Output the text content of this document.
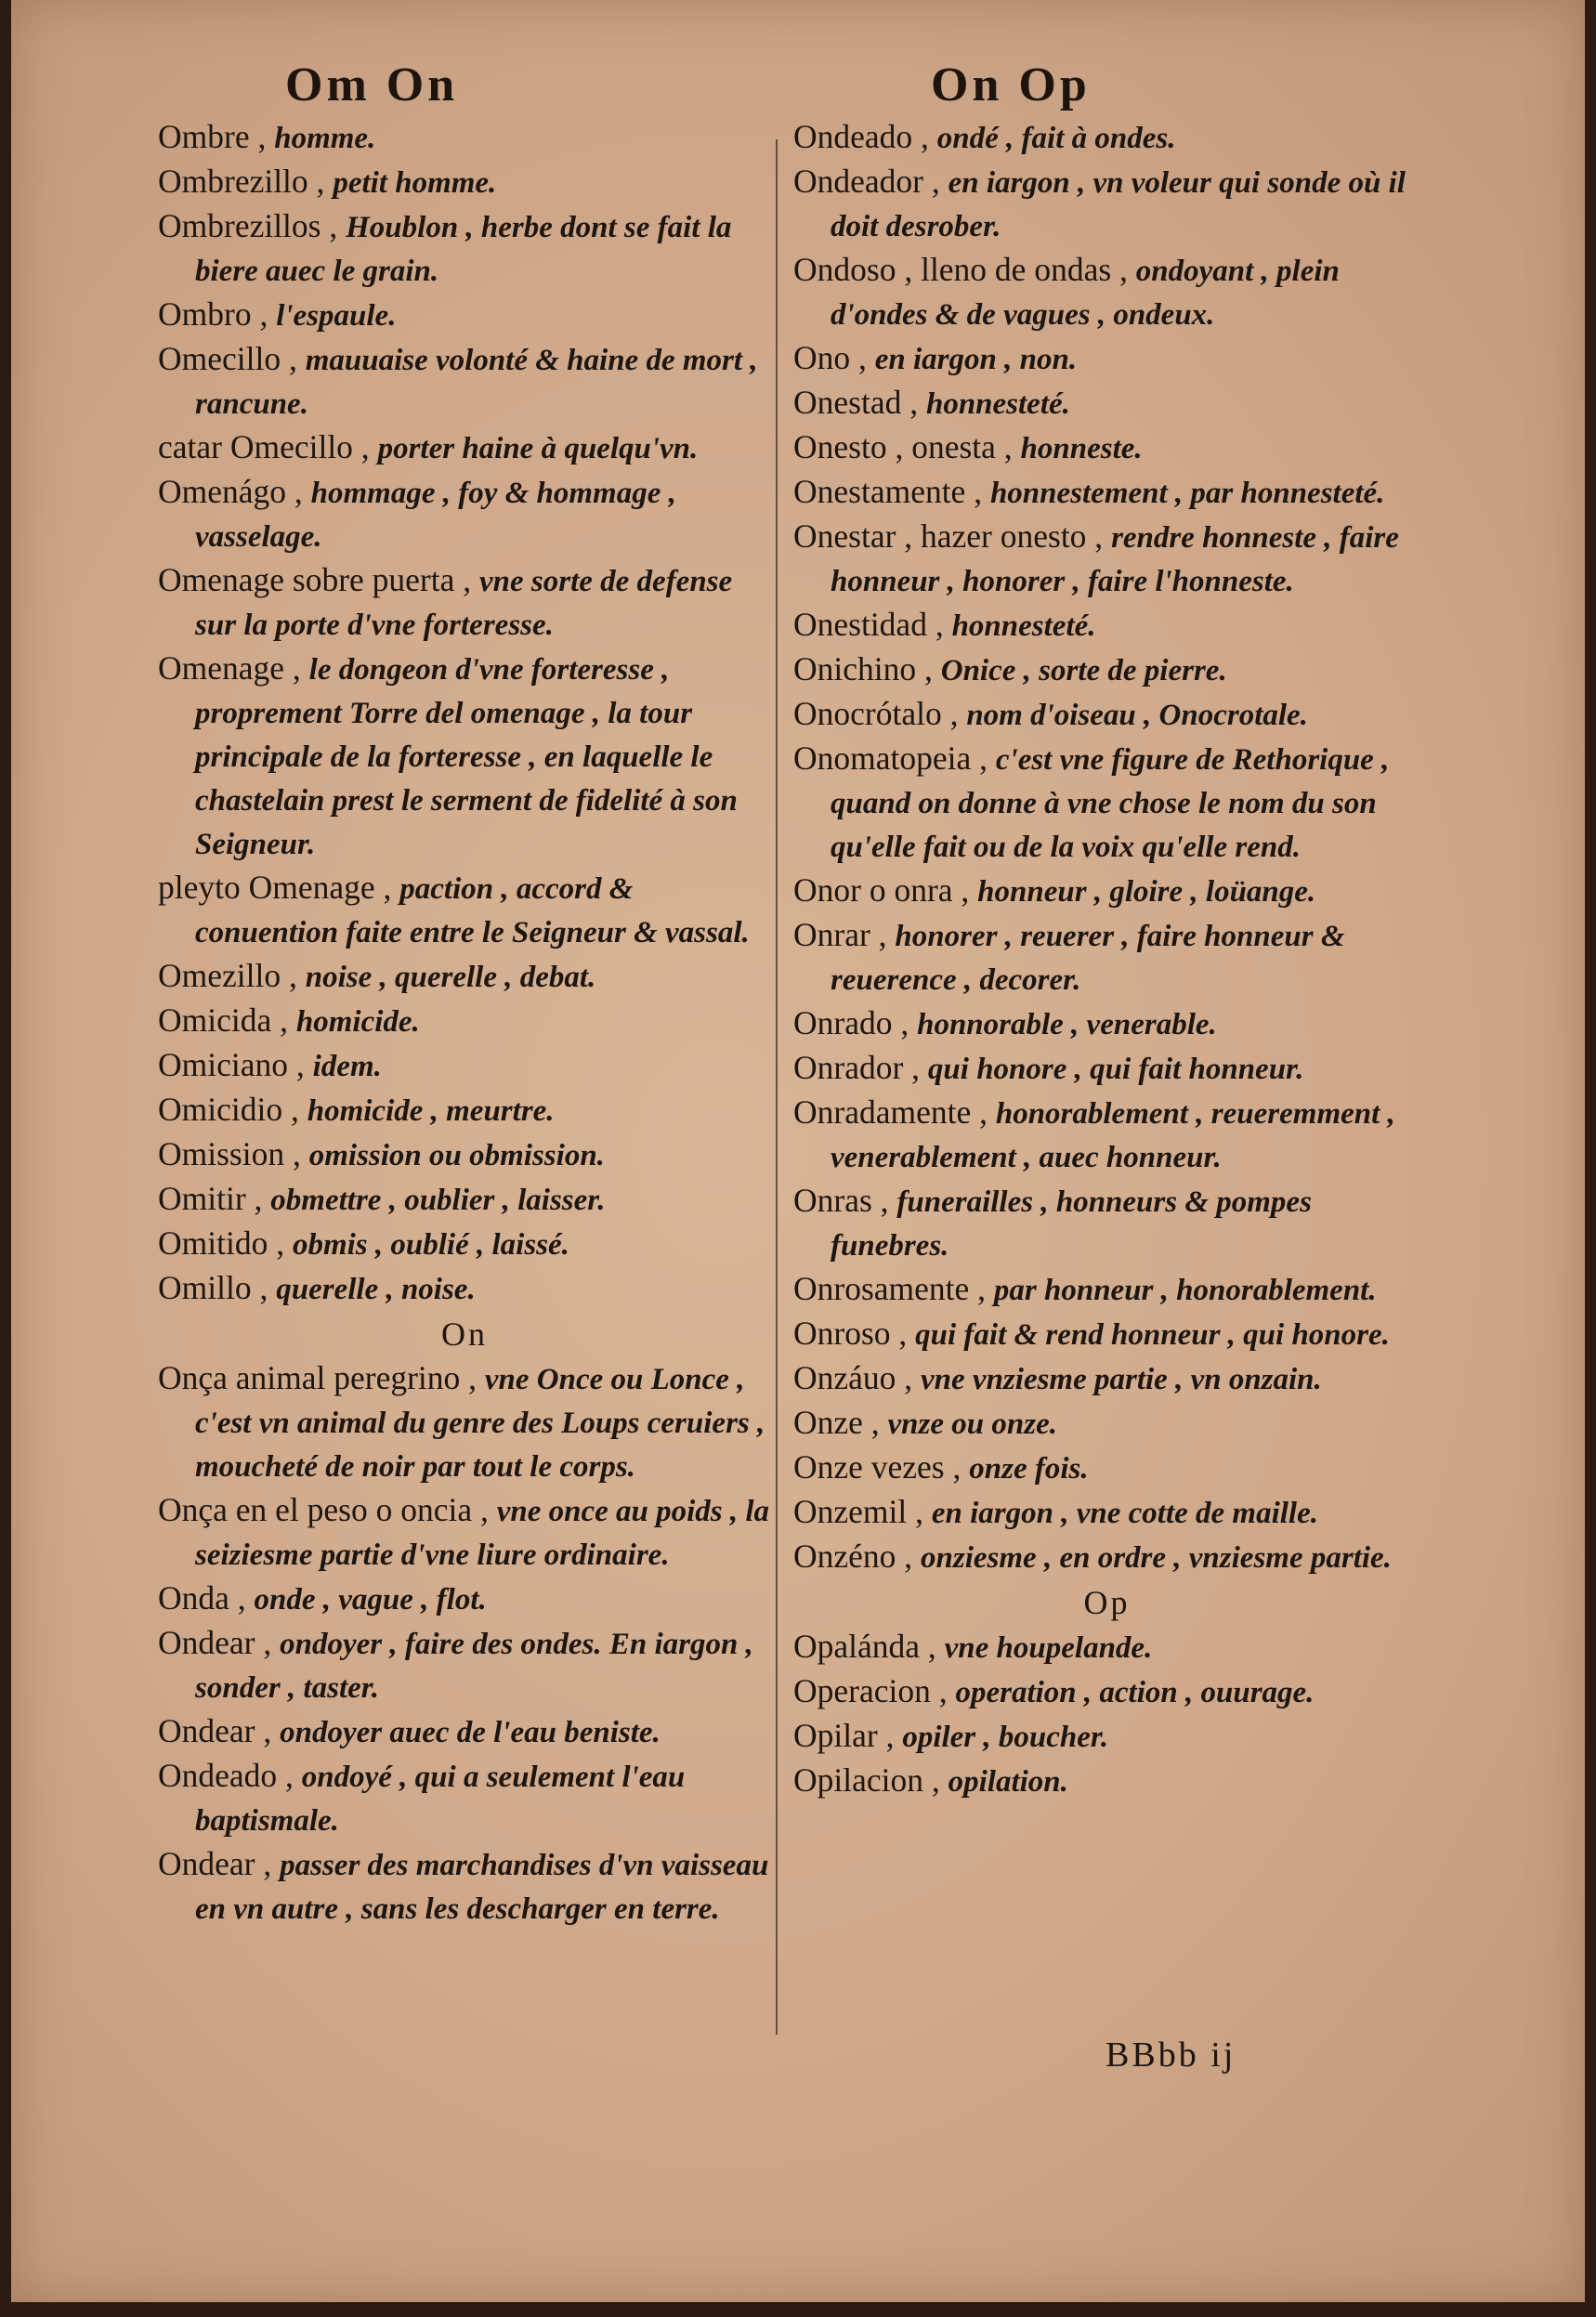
Om On	On Op
Ombre , homme.
Ombrezillo , petit homme.
Ombrezillos , Houblon , herbe dont se fait la biere auec le grain.
Ombro , l'espaule.
Omecillo , mauuaise volonté & haine de mort , rancune.
catar Omecillo , porter haine à quelqu'vn.
Omenágo , hommage , foy & hommage , vasselage.
Omenage sobre puerta , vne sorte de defense sur la porte d'vne forteresse.
Omenage , le dongeon d'vne forteresse , proprement Torre del omenage , la tour principale de la forteresse , en laquelle le chastelain prest le serment de fidelité à son Seigneur.
pleyto Omenage , paction , accord & conuention faite entre le Seigneur & vassal.
Omezillo , noise , querelle , debat.
Omicida , homicide.
Omiciano , idem.
Omicidio , homicide , meurtre.
Omission , omission ou obmission.
Omitir , obmettre , oublier , laisser.
Omitido , obmis , oublié , laissé.
Omillo , querelle , noise.
On
Onça animal peregrino , vne Once ou Lonce , c'est vn animal du genre des Loups ceruiers , moucheté de noir par tout le corps.
Onça en el peso o oncia , vne once au poids , la seiziesme partie d'vne liure ordinaire.
Onda , onde , vague , flot.
Ondear , ondoyer , faire des ondes. En iargon , sonder , taster.
Ondear , ondoyer auec de l'eau beniste.
Ondeado , ondoyé , qui a seulement l'eau baptismale.
Ondear , passer des marchandises d'vn vaisseau en vn autre , sans les descharger en terre.
Ondeado , ondé , fait à ondes.
Ondeador , en iargon , vn voleur qui sonde où il doit desrober.
Ondoso , lleno de ondas , ondoyant , plein d'ondes & de vagues , ondeux.
Ono , en iargon , non.
Onestad , honnesteté.
Onesto , onesta , honneste.
Onestamente , honnestement , par honnesteté.
Onestar , hazer onesto , rendre honneste , faire honneur , honorer , faire l'honneste.
Onestidad , honnesteté.
Onichino , Onice , sorte de pierre.
Onocrótalo , nom d'oiseau , Onocrotale.
Onomatopeia , c'est vne figure de Rethorique , quand on donne à vne chose le nom du son qu'elle fait ou de la voix qu'elle rend.
Onor o onra , honneur , gloire , loüange.
Onrar , honorer , reuerer , faire honneur & reuerence , decorer.
Onrado , honnorable , venerable.
Onrador , qui honore , qui fait honneur.
Onradamente , honorablement , reueremment , venerablement , auec honneur.
Onras , funerailles , honneurs & pompes funebres.
Onrosamente , par honneur , honorablement.
Onroso , qui fait & rend honneur , qui honore.
Onzáuo , vne vnziesme partie , vn onzain.
Onze , vnze ou onze.
Onze vezes , onze fois.
Onzemil , en iargon , vne cotte de maille.
Onzéno , onziesme , en ordre , vnziesme partie.
Op
Opalánda , vne houpelande.
Operacion , operation , action , ouurage.
Opilar , opiler , boucher.
Opilacion , opilation.
BBbb ij
